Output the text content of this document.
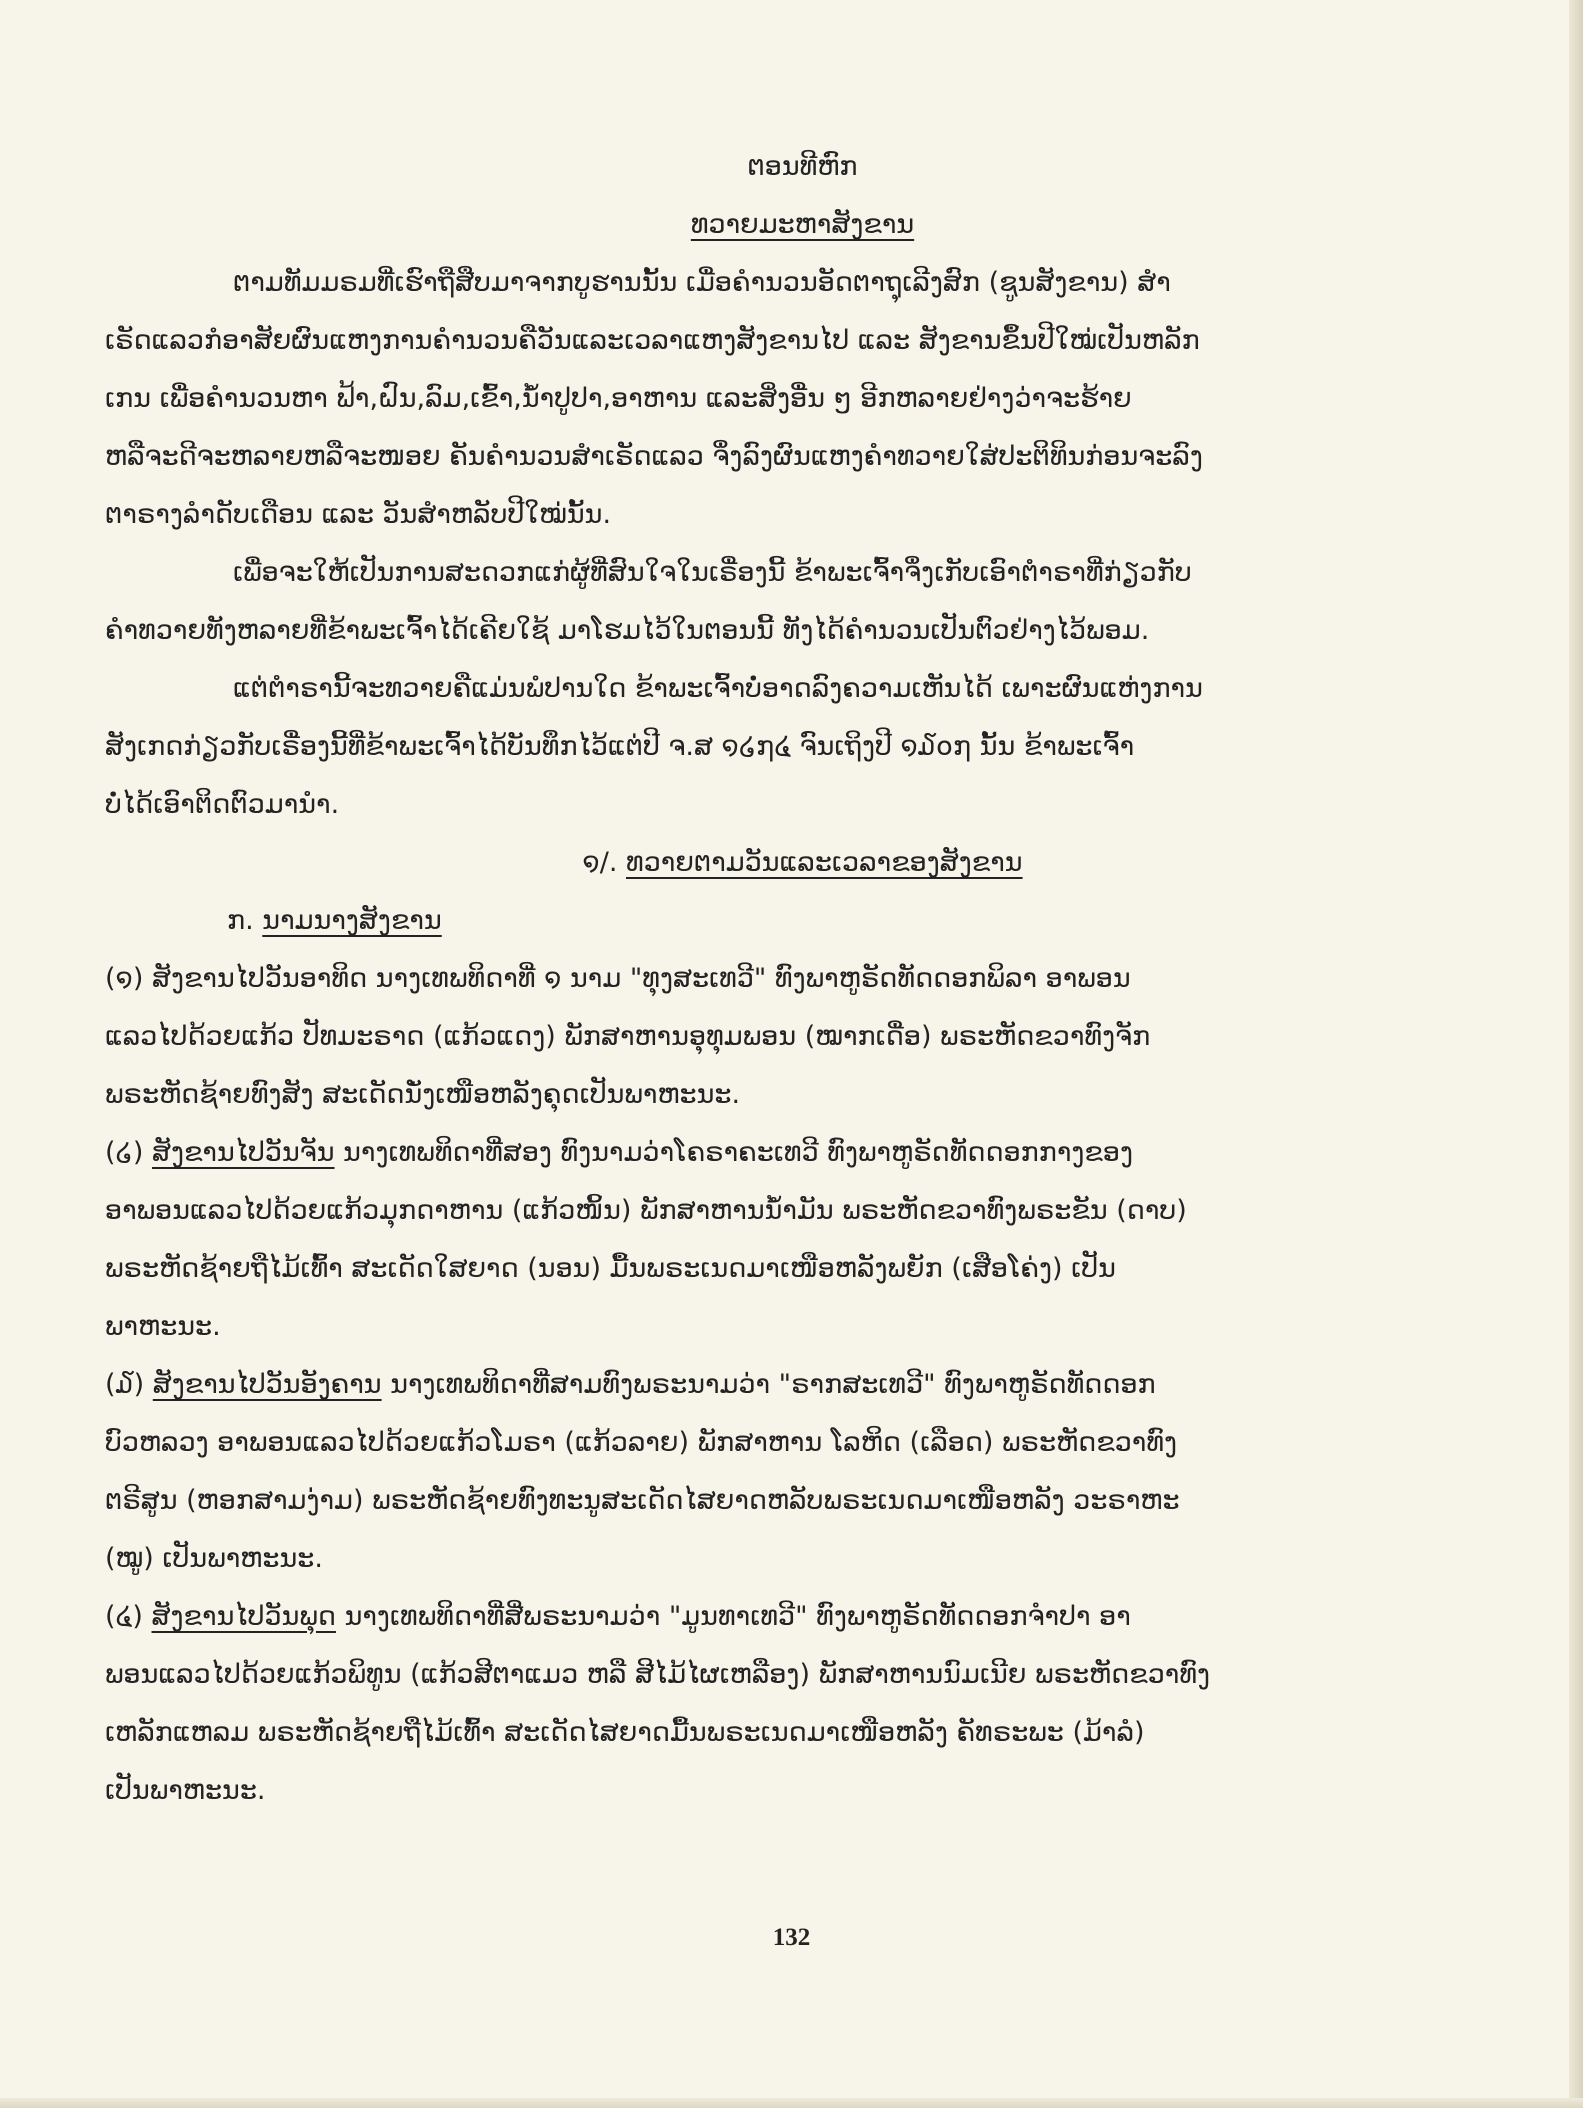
ຕອນທີຫົກ
ທວາຍມະຫາສັງຂານ
ຕາມທັມມຣມທີ່ເຮົາຖືສືບມາຈາກບູຮານນັ້ນ ເມື່ອຄຳນວນອັດຕາຖຸເລີງສົກ (ຊູນສັງຂານ) ສຳ
ເຣັດແລວກໍອາສັຍຜົນແຫງການຄຳນວນຄືວັນແລະເວລາແຫງສັງຂານໄປ ແລະ ສັງຂານຂຶ້ນປີໃໝ່ເປັນຫລັກ
ເກນ ເພື່ອຄຳນວນຫາ ຟ້າ,ຝົນ,ລົມ,ເຂົ້າ,ນ້ຳປູປາ,ອາຫານ ແລະສິ່ງອື່ນ ໆ ອີກຫລາຍຢ່າງວ່າຈະຮ້າຍ
ຫລືຈະດີຈະຫລາຍຫລືຈະໜອຍ ຄັນຄຳນວນສຳເຣັດແລວ ຈຶ່ງລົງຜົນແຫງຄຳທວາຍໃສ່ປະຕິທິນກ່ອນຈະລົງ
ຕາຣາງລຳດັບເດືອນ ແລະ ວັນສຳຫລັບປີໃໝ່ນັ້ນ.
ເພື່ອຈະໃຫ້ເປັນການສະດວກແກ່ຜູ້ທີ່ສົນໃຈໃນເຣື່ອງນີ້ ຂ້າພະເຈົ້າຈຶ່ງເກັບເອົາຕຳຣາທີ່ກ່ຽວກັບ
ຄຳທວາຍທັງຫລາຍທີ່ຂ້າພະເຈົ້າໄດ້ເຄີຍໃຊ້ ມາໂຮມໄວ້ໃນຕອນນີ້ ທັງໄດ້ຄຳນວນເປັນຕົວຢ່າງໄວ້ພອມ.
ແຕ່ຕຳຣານີ້ຈະທວາຍຄືແມ່ນພໍປານໃດ ຂ້າພະເຈົ້າບໍ່ອາດລົງຄວາມເຫັນໄດ້ ເພາະຜົນແຫ່ງການ
ສັງເກດກ່ຽວກັບເຣື່ອງນີ້ທີ່ຂ້າພະເຈົ້າໄດ້ບັນທຶກໄວ້ແຕ່ປີ ຈ.ສ ໑໒໗໔ ຈົນເຖິງປີ ໑໓໐໗ ນັ້ນ ຂ້າພະເຈົ້າ
ບໍ່ໄດ້ເອົາຕິດຕົວມານຳ.
໑/. ທວາຍຕາມວັນແລະເວລາຂອງສັງຂານ
ກ. ນາມນາງສັງຂານ
(໑) ສັງຂານໄປວັນອາທິດ ນາງເທພທິດາທີ່ ໑ ນາມ "ທຸງສະເທວີ" ທົງພາຫູຣັດທັດດອກພິລາ ອາພອນ
ແລວໄປດ້ວຍແກ້ວ ປັທມະຣາດ (ແກ້ວແດງ) ພັກສາຫານອຸທຸມພອນ (ໝາກເດື່ອ) ພຣະຫັດຂວາທົງຈັກ
ພຣະຫັດຊ້າຍທົງສັງ ສະເດັດນັ່ງເໜືອຫລັງຄຸດເປັນພາຫະນະ.
(໒) ສັງຂານໄປວັນຈັນ ນາງເທພທິດາທີ່ສອງ ທົງນາມວ່າໂຄຣາຄະເທວີ ທົງພາຫູຣັດທັດດອກກາງຂອງ
ອາພອນແລວໄປດ້ວຍແກ້ວມຸກດາຫານ (ແກ້ວໜິ້ນ) ພັກສາຫານນ້ຳມັນ ພຣະຫັດຂວາທົງພຣະຂັນ (ດາບ)
ພຣະຫັດຊ້າຍຖືໄມ້ເທົ້າ ສະເດັດໃສຍາດ (ນອນ) ມື້ນພຣະເນດມາເໜືອຫລັງພຍັກ (ເສືອໂຄ່ງ) ເປັນ
ພາຫະນະ.
(໓) ສັງຂານໄປວັນອັງຄານ ນາງເທພທິດາທີ່ສາມທົງພຣະນາມວ່າ "ຣາກສະເທວີ" ທົງພາຫູຣັດທັດດອກ
ບົວຫລວງ ອາພອນແລວໄປດ້ວຍແກ້ວໂມຣາ (ແກ້ວລາຍ) ພັກສາຫານ ໂລຫິດ (ເລືອດ) ພຣະຫັດຂວາທົງ
ຕຣີສູນ (ຫອກສາມງ່າມ) ພຣະຫັດຊ້າຍທົງທະນູສະເດັດໄສຍາດຫລັບພຣະເນດມາເໜືອຫລັງ ວະຣາຫະ
(ໝູ) ເປັນພາຫະນະ.
(໔) ສັງຂານໄປວັນພຸດ ນາງເທພທິດາທີ່ສີ່ພຣະນາມວ່າ "ມູນທາເທວີ" ທົງພາຫູຣັດທັດດອກຈຳປາ ອາ
ພອນແລວໄປດ້ວຍແກ້ວພິທູນ (ແກ້ວສີຕາແມວ ຫລື ສີໄມ້ໄຜເຫລືອງ) ພັກສາຫານນົມເນີຍ ພຣະຫັດຂວາທົງ
ເຫລັກແຫລມ ພຣະຫັດຊ້າຍຖືໄມ້ເທົ້າ ສະເດັດໄສຍາດມື້ນພຣະເນດມາເໜືອຫລັງ ຄັທຣະພະ (ມ້າລໍ)
ເປັນພາຫະນະ.
132
